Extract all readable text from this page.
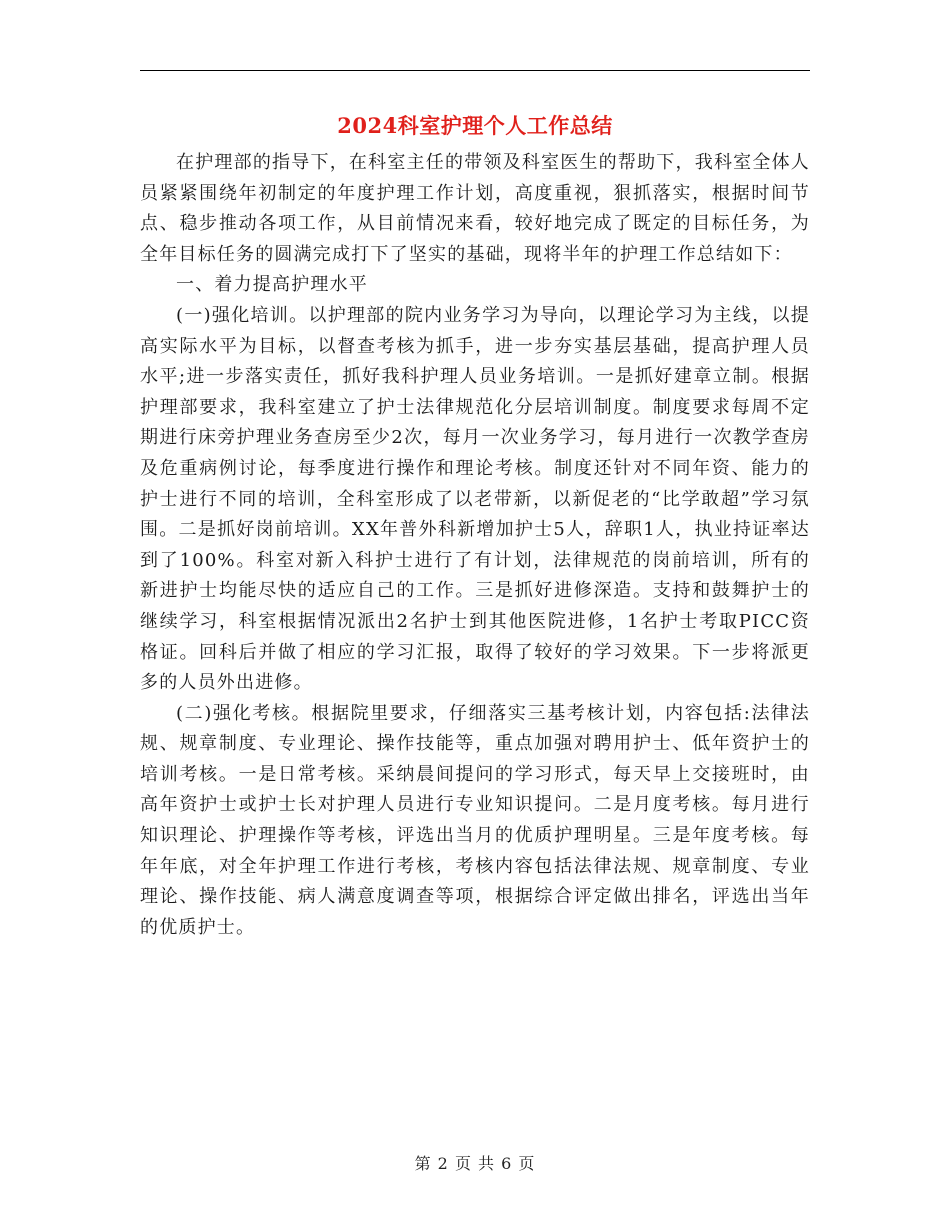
2024科室护理个人工作总结

在护理部的指导下，在科室主任的带领及科室医生的帮助下，我科室全体人员紧紧围绕年初制定的年度护理工作计划，高度重视，狠抓落实，根据时间节点、稳步推动各项工作，从目前情况来看，较好地完成了既定的目标任务，为全年目标任务的圆满完成打下了坚实的基础，现将半年的护理工作总结如下：

一、着力提高护理水平

(一)强化培训。以护理部的院内业务学习为导向，以理论学习为主线，以提高实际水平为目标，以督查考核为抓手，进一步夯实基层基础，提高护理人员水平;进一步落实责任，抓好我科护理人员业务培训。一是抓好建章立制。根据护理部要求，我科室建立了护士法律规范化分层培训制度。制度要求每周不定期进行床旁护理业务查房至少2次，每月一次业务学习，每月进行一次教学查房及危重病例讨论，每季度进行操作和理论考核。制度还针对不同年资、能力的护士进行不同的培训，全科室形成了以老带新，以新促老的“比学敢超”学习氛围。二是抓好岗前培训。XX年普外科新增加护士5人，辞职1人，执业持证率达到了100%。科室对新入科护士进行了有计划，法律规范的岗前培训，所有的新进护士均能尽快的适应自己的工作。三是抓好进修深造。支持和鼓舞护士的继续学习，科室根据情况派出2名护士到其他医院进修，1名护士考取PICC资格证。回科后并做了相应的学习汇报，取得了较好的学习效果。下一步将派更多的人员外出进修。

(二)强化考核。根据院里要求，仔细落实三基考核计划，内容包括:法律法规、规章制度、专业理论、操作技能等，重点加强对聘用护士、低年资护士的培训考核。一是日常考核。采纳晨间提问的学习形式，每天早上交接班时，由高年资护士或护士长对护理人员进行专业知识提问。二是月度考核。每月进行知识理论、护理操作等考核，评选出当月的优质护理明星。三是年度考核。每年年底，对全年护理工作进行考核，考核内容包括法律法规、规章制度、专业理论、操作技能、病人满意度调查等项，根据综合评定做出排名，评选出当年的优质护士。

第 2 页 共 6 页
